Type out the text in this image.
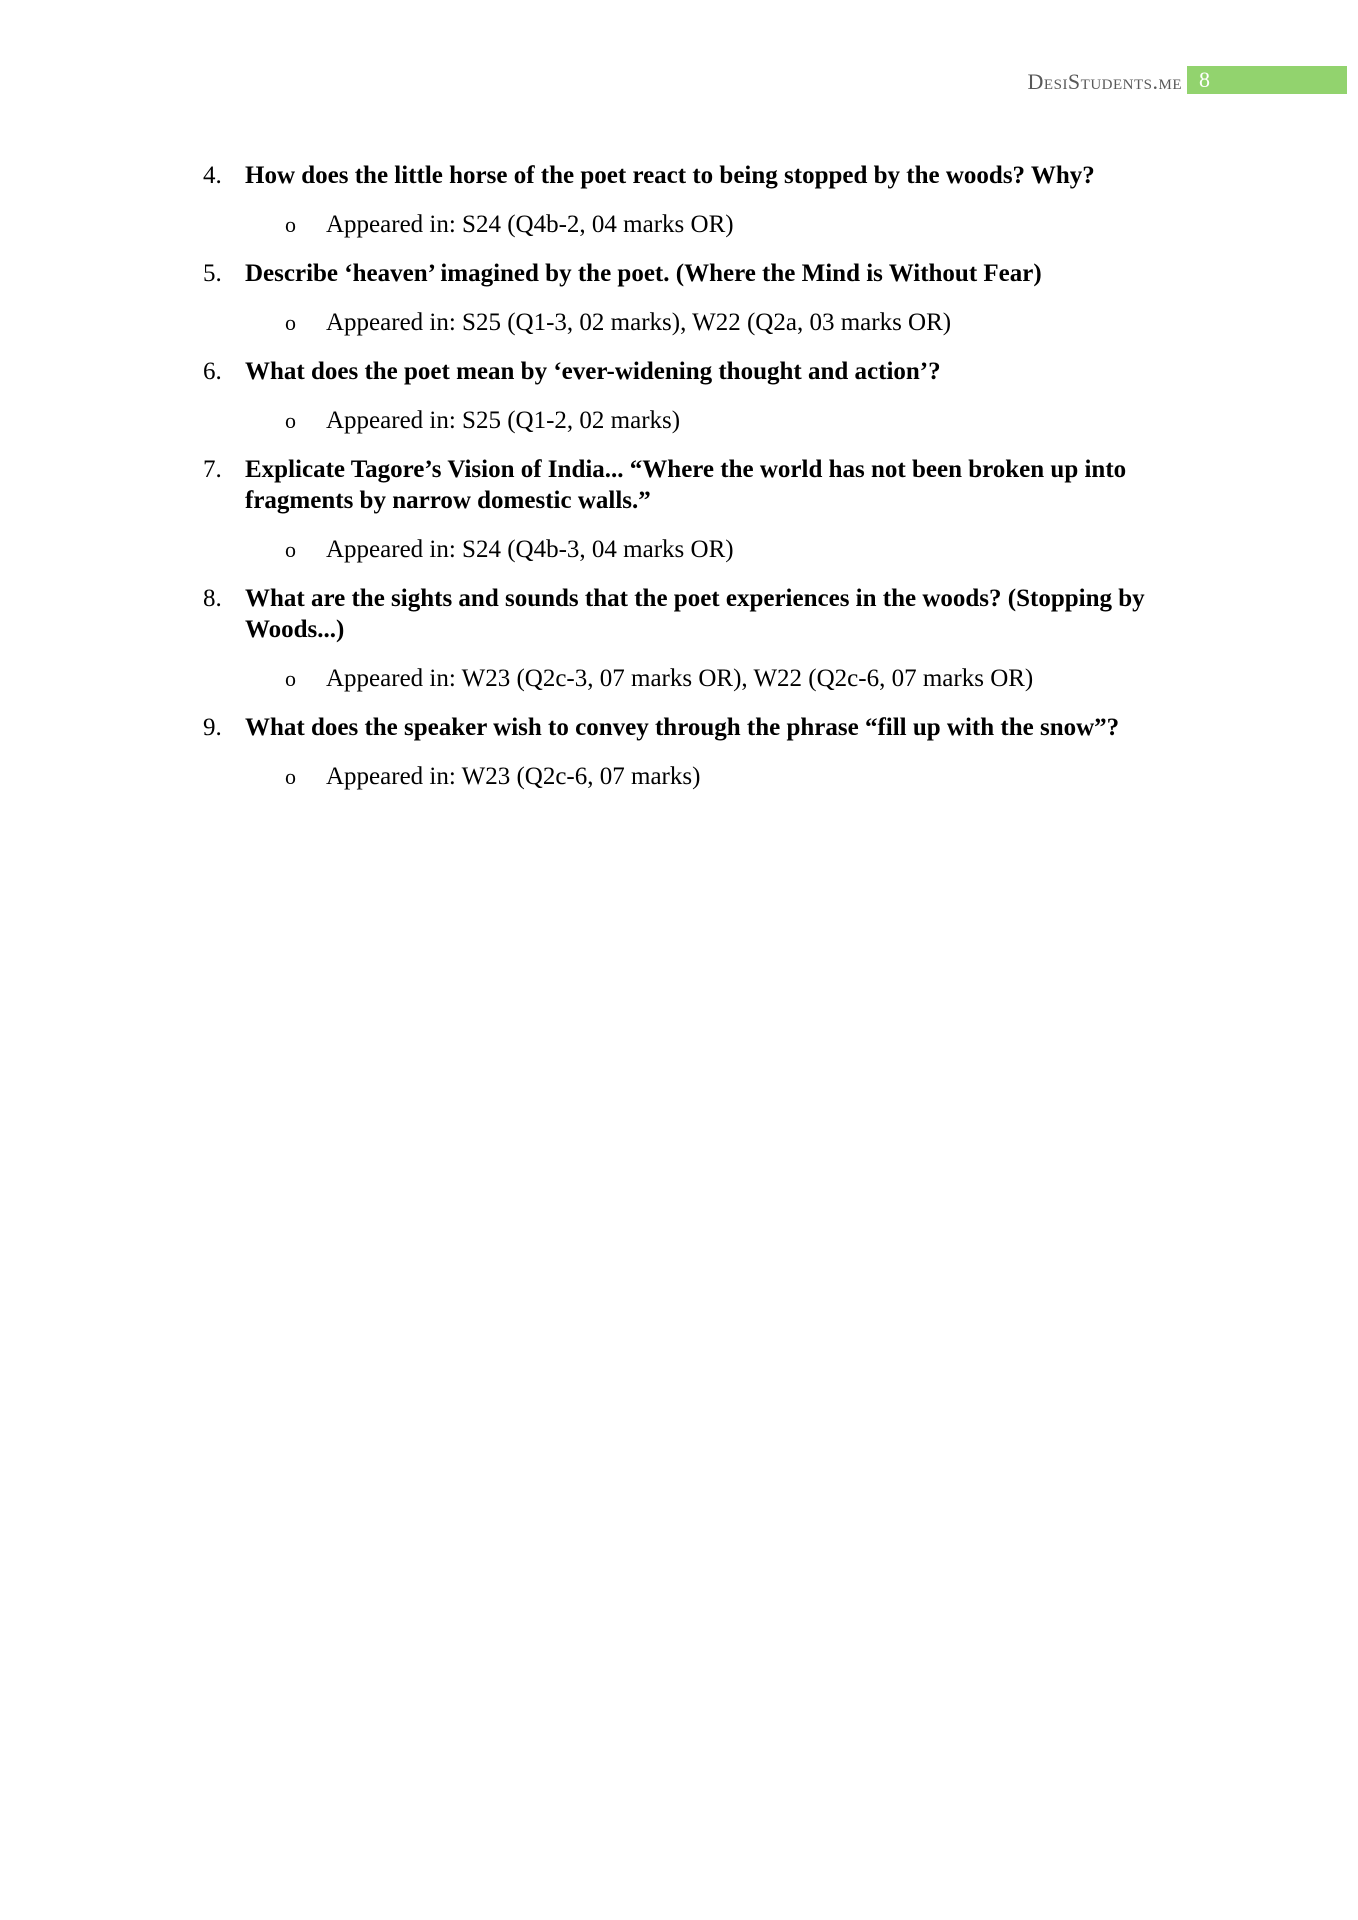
DesiStudents.me 8
4. How does the little horse of the poet react to being stopped by the woods? Why?

o Appeared in: S24 (Q4b-2, 04 marks OR)
5. Describe ‘heaven’ imagined by the poet. (Where the Mind is Without Fear)

o Appeared in: S25 (Q1-3, 02 marks), W22 (Q2a, 03 marks OR)
6. What does the poet mean by ‘ever-widening thought and action’?

o Appeared in: S25 (Q1-2, 02 marks)
7. Explicate Tagore’s Vision of India... “Where the world has not been broken up into fragments by narrow domestic walls.”

o Appeared in: S24 (Q4b-3, 04 marks OR)
8. What are the sights and sounds that the poet experiences in the woods? (Stopping by Woods...)

o Appeared in: W23 (Q2c-3, 07 marks OR), W22 (Q2c-6, 07 marks OR)
9. What does the speaker wish to convey through the phrase “fill up with the snow”?

o Appeared in: W23 (Q2c-6, 07 marks)
